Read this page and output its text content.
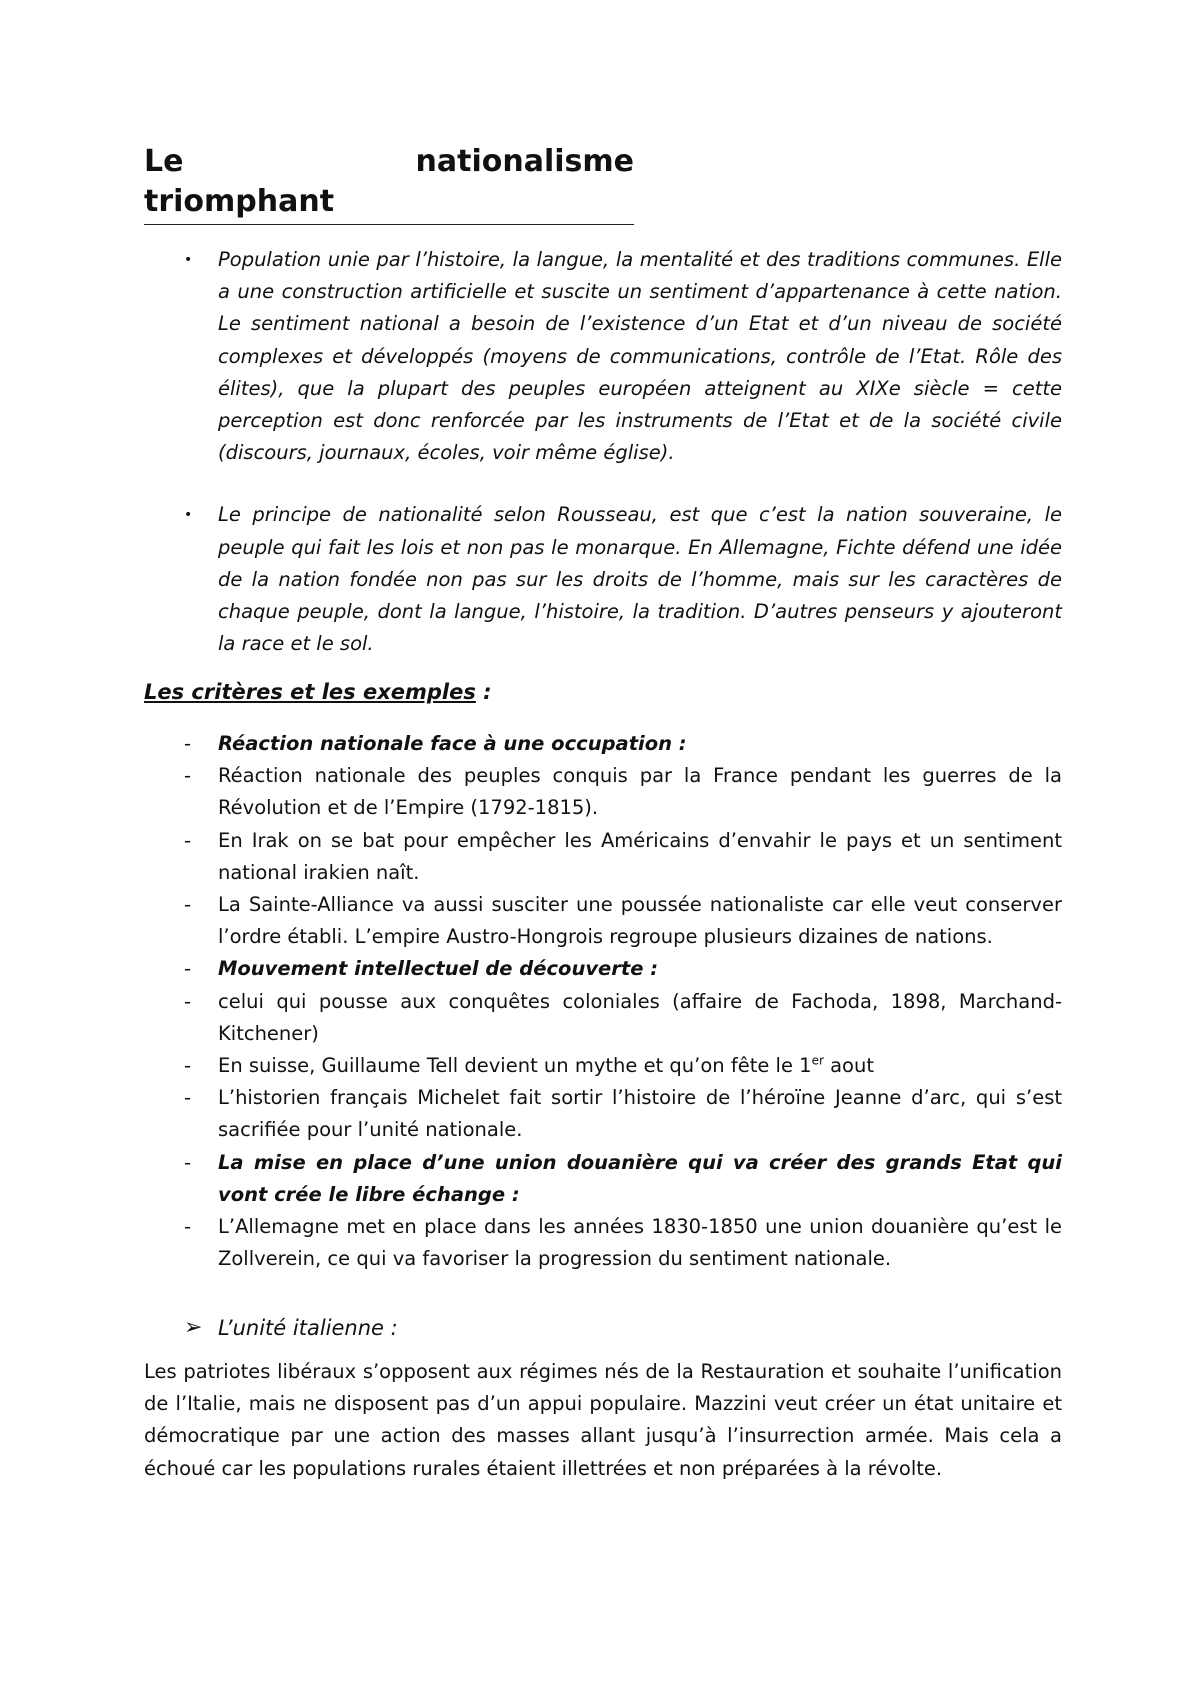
Le	nationalisme
triomphant
•	Population unie par l’histoire, la langue, la mentalité et des traditions communes. Elle a une construction artificielle et suscite un sentiment d’appartenance à cette nation. Le sentiment national a besoin de l’existence d’un Etat et d’un niveau de société complexes et développés (moyens de communications, contrôle de l’Etat. Rôle des élites), que la plupart des peuples européen atteignent au XIXe siècle = cette perception est donc renforcée par les instruments de l’Etat et de la société civile (discours, journaux, écoles, voir même église).
•	Le principe de nationalité selon Rousseau, est que c’est la nation souveraine, le peuple qui fait les lois et non pas le monarque. En Allemagne, Fichte défend une idée de la nation fondée non pas sur les droits de l’homme, mais sur les caractères de chaque peuple, dont la langue, l’histoire, la tradition. D’autres penseurs y ajouteront la race et le sol.
Les critères et les exemples :
-	Réaction nationale face à une occupation :
-	Réaction nationale des peuples conquis par la France pendant les guerres de la Révolution et de l’Empire (1792-1815).
-	En Irak on se bat pour empêcher les Américains d’envahir le pays et un sentiment national irakien naît.
-	La Sainte-Alliance va aussi susciter une poussée nationaliste car elle veut conserver l’ordre établi. L’empire Austro-Hongrois regroupe plusieurs dizaines de nations.
-	Mouvement intellectuel de découverte :
-	celui qui pousse aux conquêtes coloniales (affaire de Fachoda, 1898, Marchand-Kitchener)
-	En suisse, Guillaume Tell devient un mythe et qu’on fête le 1er aout
-	L’historien français Michelet fait sortir l’histoire de l’héroïne Jeanne d’arc, qui s’est sacrifiée pour l’unité nationale.
-	La mise en place d’une union douanière qui va créer des grands Etat qui vont crée le libre échange :
-	L’Allemagne met en place dans les années 1830-1850 une union douanière qu’est le Zollverein, ce qui va favoriser la progression du sentiment nationale.
➢ L’unité italienne :
Les patriotes libéraux s’opposent aux régimes nés de la Restauration et souhaite l’unification de l’Italie, mais ne disposent pas d’un appui populaire. Mazzini veut créer un état unitaire et démocratique par une action des masses allant jusqu’à l’insurrection armée. Mais cela a échoué car les populations rurales étaient illettrées et non préparées à la révolte.
